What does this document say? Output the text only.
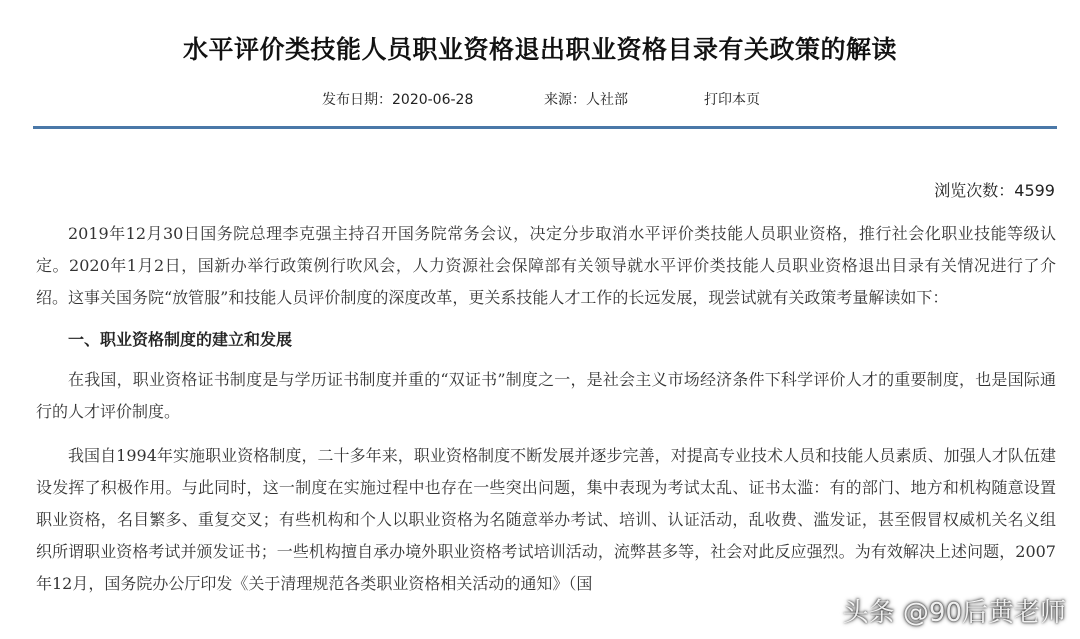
水平评价类技能人员职业资格退出职业资格目录有关政策的解读
发布日期：2020-06-28	来源：人社部	打印本页
浏览次数：4599

2019年12月30日国务院总理李克强主持召开国务院常务会议，决定分步取消水平评价类技能人员职业资格，推行社会化职业技能等级认定。2020年1月2日，国新办举行政策例行吹风会，人力资源社会保障部有关领导就水平评价类技能人员职业资格退出目录有关情况进行了介绍。这事关国务院“放管服”和技能人员评价制度的深度改革，更关系技能人才工作的长远发展，现尝试就有关政策考量解读如下：

一、职业资格制度的建立和发展

在我国，职业资格证书制度是与学历证书制度并重的“双证书”制度之一，是社会主义市场经济条件下科学评价人才的重要制度，也是国际通行的人才评价制度。

我国自1994年实施职业资格制度，二十多年来，职业资格制度不断发展并逐步完善，对提高专业技术人员和技能人员素质、加强人才队伍建设发挥了积极作用。与此同时，这一制度在实施过程中也存在一些突出问题，集中表现为考试太乱、证书太滥：有的部门、地方和机构随意设置职业资格，名目繁多、重复交叉；有些机构和个人以职业资格为名随意举办考试、培训、认证活动，乱收费、滥发证，甚至假冒权威机关名义组织所谓职业资格考试并颁发证书；一些机构擅自承办境外职业资格考试培训活动，流弊甚多等，社会对此反应强烈。为有效解决上述问题，2007年12月，国务院办公厅印发《关于清理规范各类职业资格相关活动的通知》（国

头条 @90后黄老师
